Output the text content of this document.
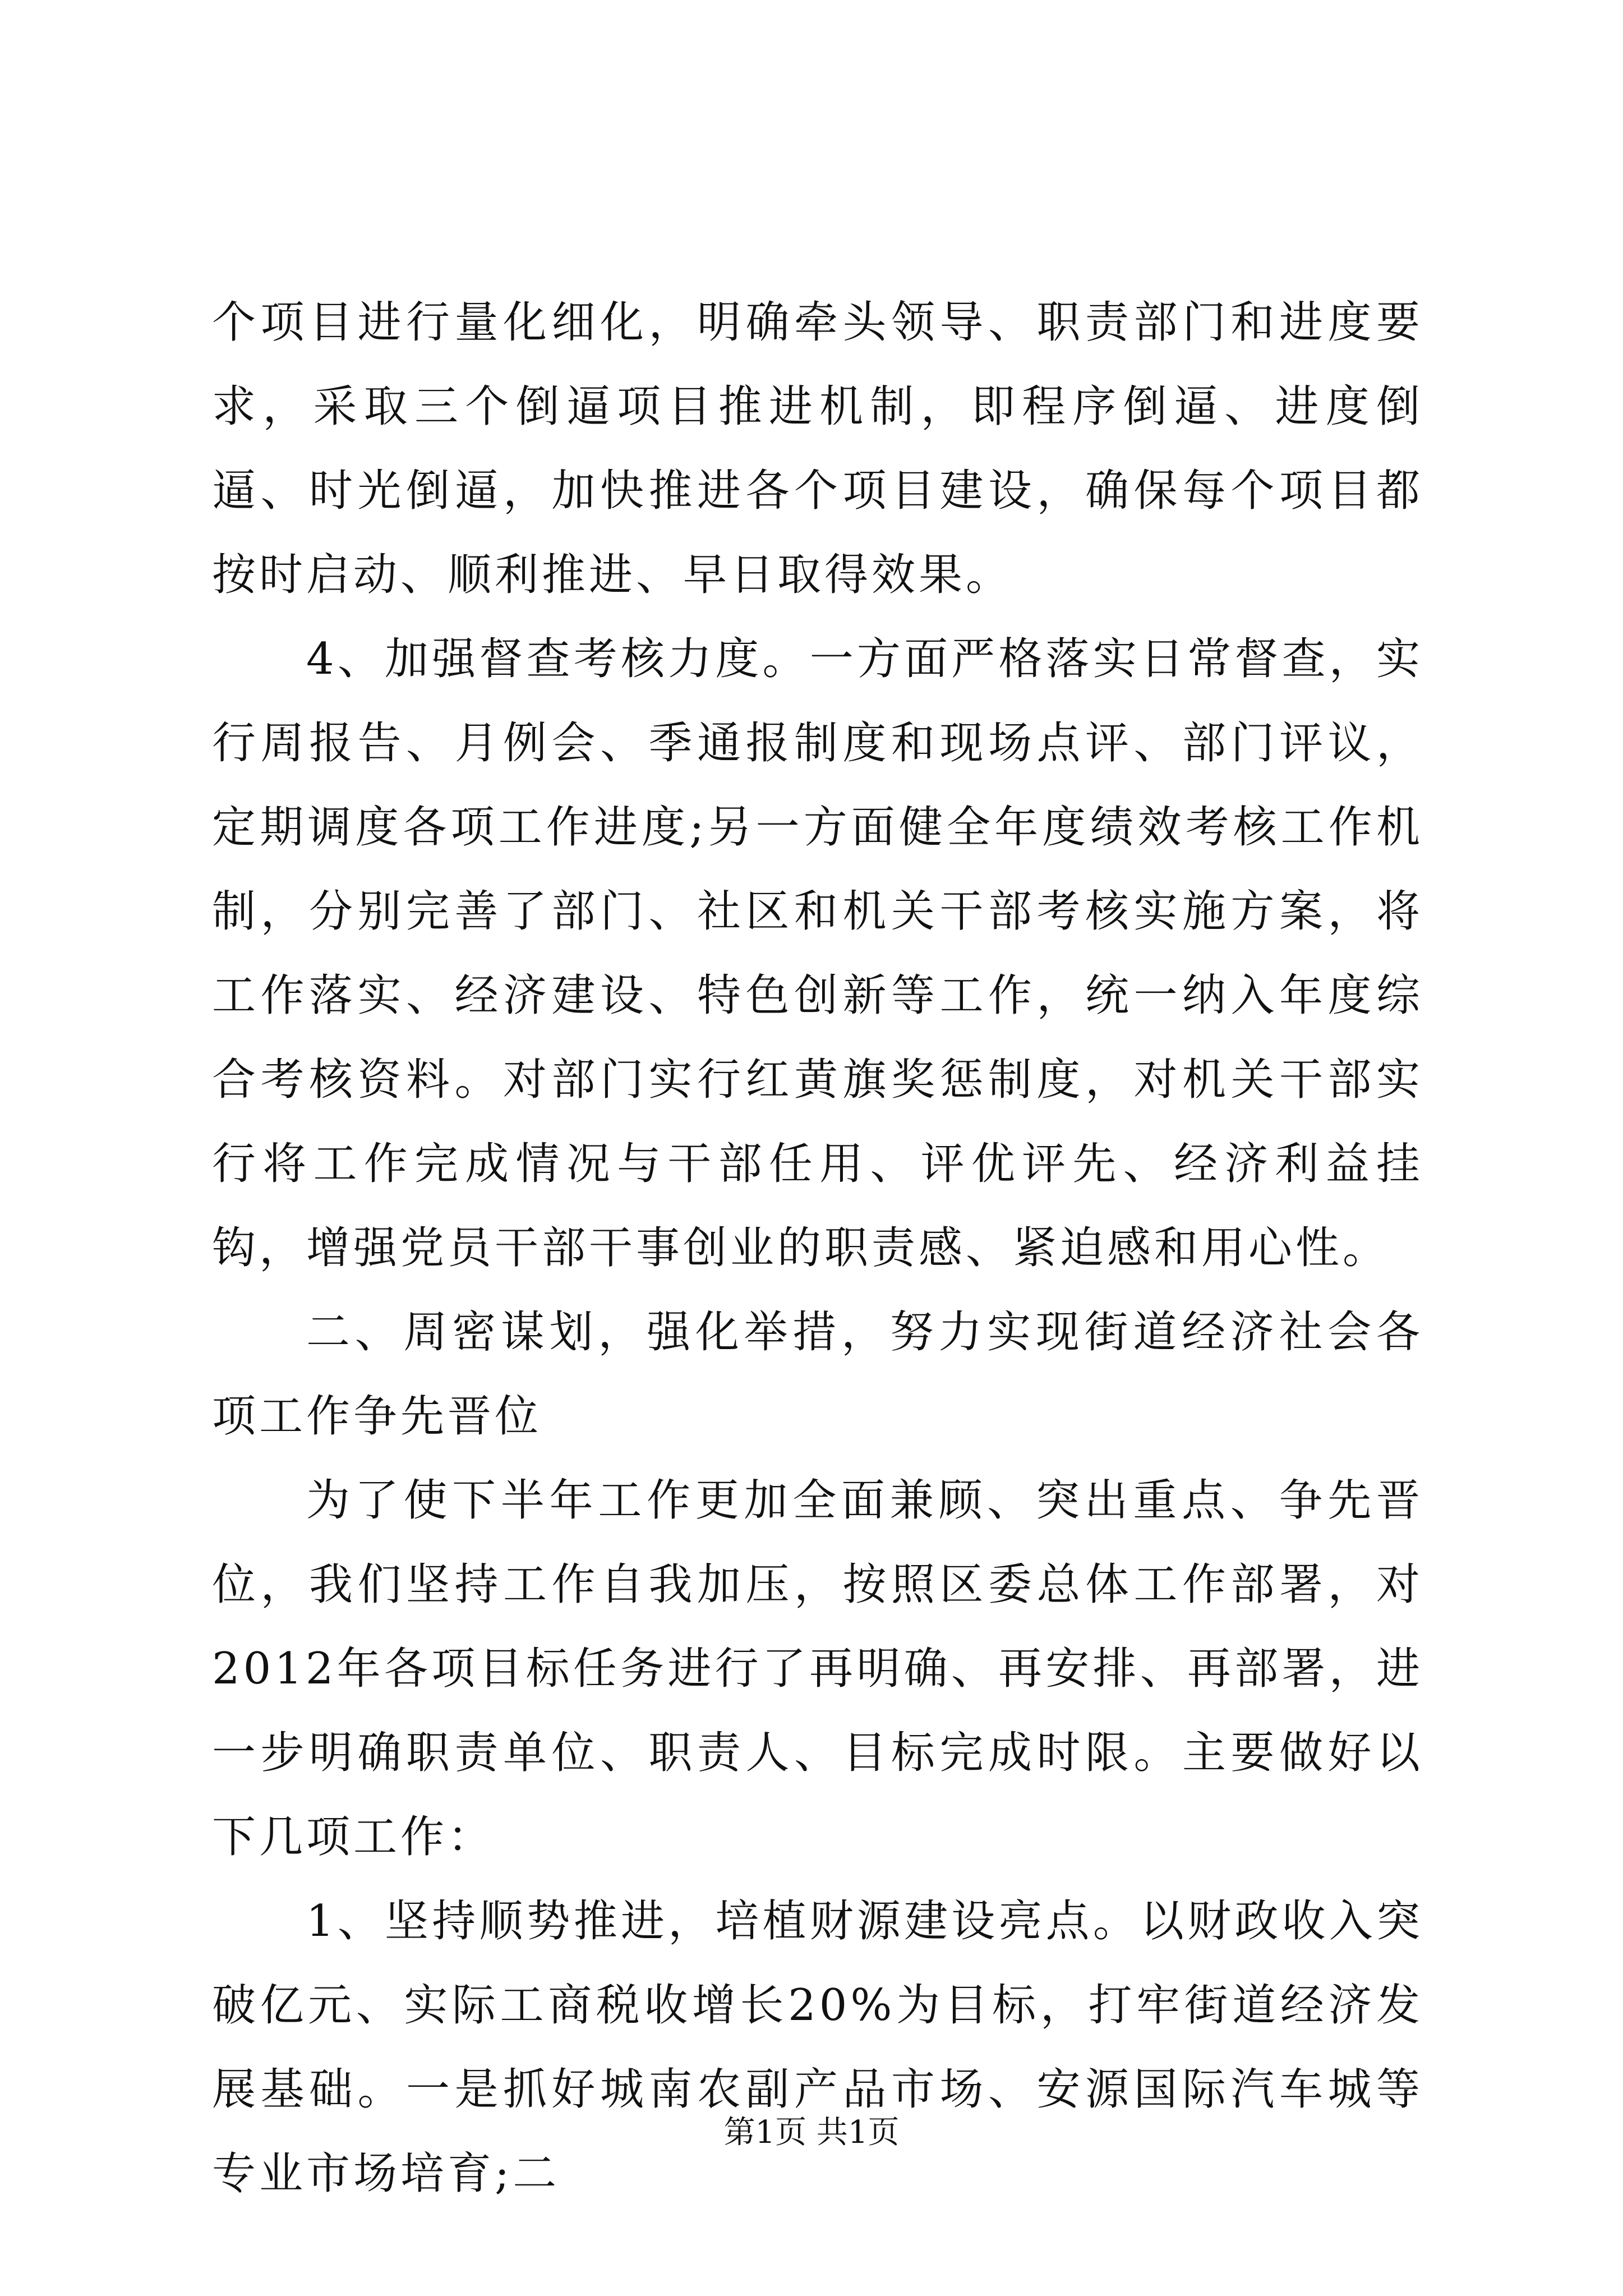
个项目进行量化细化，明确牵头领导、职责部门和进度要求，采取三个倒逼项目推进机制，即程序倒逼、进度倒逼、时光倒逼，加快推进各个项目建设，确保每个项目都按时启动、顺利推进、早日取得效果。

4、加强督查考核力度。一方面严格落实日常督查，实行周报告、月例会、季通报制度和现场点评、部门评议，定期调度各项工作进度;另一方面健全年度绩效考核工作机制，分别完善了部门、社区和机关干部考核实施方案，将工作落实、经济建设、特色创新等工作，统一纳入年度综合考核资料。对部门实行红黄旗奖惩制度，对机关干部实行将工作完成情况与干部任用、评优评先、经济利益挂钩，增强党员干部干事创业的职责感、紧迫感和用心性。

二、周密谋划，强化举措，努力实现街道经济社会各项工作争先晋位

为了使下半年工作更加全面兼顾、突出重点、争先晋位，我们坚持工作自我加压，按照区委总体工作部署，对2012年各项目标任务进行了再明确、再安排、再部署，进一步明确职责单位、职责人、目标完成时限。主要做好以下几项工作：

1、坚持顺势推进，培植财源建设亮点。以财政收入突破亿元、实际工商税收增长20%为目标，打牢街道经济发展基础。一是抓好城南农副产品市场、安源国际汽车城等专业市场培育;二

第1页 共1页
